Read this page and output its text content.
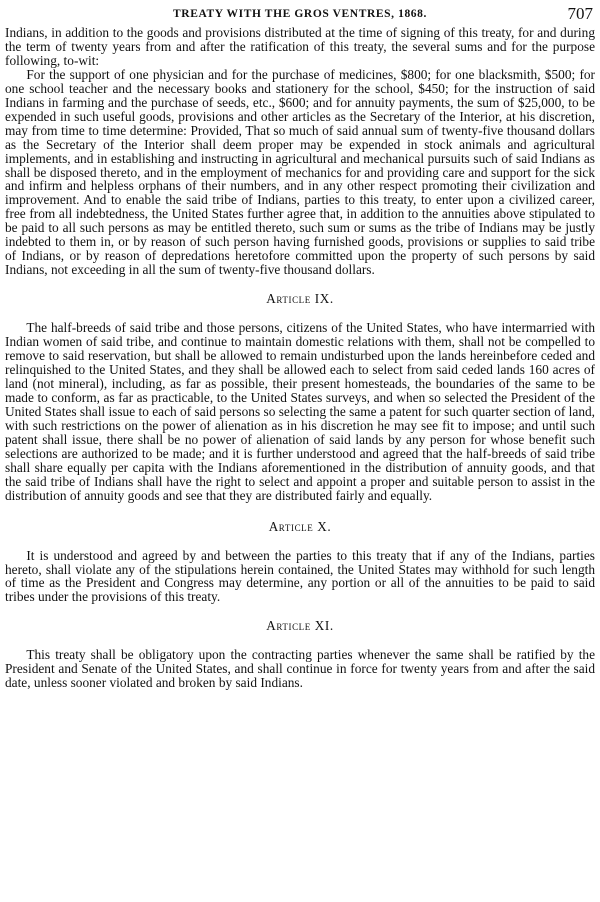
TREATY WITH THE GROS VENTRES, 1868.	707

Indians, in addition to the goods and provisions distributed at the time of signing of this treaty, for and during the term of twenty years from and after the ratification of this treaty, the several sums and for the purpose following, to-wit:

For the support of one physician and for the purchase of medicines, $800; for one blacksmith, $500; for one school teacher and the necessary books and stationery for the school, $450; for the instruction of said Indians in farming and the purchase of seeds, etc., $600; and for annuity payments, the sum of $25,000, to be expended in such useful goods, provisions and other articles as the Secretary of the Interior, at his discretion, may from time to time determine: Provided, That so much of said annual sum of twenty-five thousand dollars as the Secretary of the Interior shall deem proper may be expended in stock animals and agricultural implements, and in establishing and instructing in agricultural and mechanical pursuits such of said Indians as shall be disposed thereto, and in the employment of mechanics for and providing care and support for the sick and infirm and helpless orphans of their numbers, and in any other respect promoting their civilization and improvement. And to enable the said tribe of Indians, parties to this treaty, to enter upon a civilized career, free from all indebtedness, the United States further agree that, in addition to the annuities above stipulated to be paid to all such persons as may be entitled thereto, such sum or sums as the tribe of Indians may be justly indebted to them in, or by reason of such person having furnished goods, provisions or supplies to said tribe of Indians, or by reason of depredations heretofore committed upon the property of such persons by said Indians, not exceeding in all the sum of twenty-five thousand dollars.

Article IX.

The half-breeds of said tribe and those persons, citizens of the United States, who have intermarried with Indian women of said tribe, and continue to maintain domestic relations with them, shall not be compelled to remove to said reservation, but shall be allowed to remain undisturbed upon the lands hereinbefore ceded and relinquished to the United States, and they shall be allowed each to select from said ceded lands 160 acres of land (not mineral), including, as far as possible, their present homesteads, the boundaries of the same to be made to conform, as far as practicable, to the United States surveys, and when so selected the President of the United States shall issue to each of said persons so selecting the same a patent for such quarter section of land, with such restrictions on the power of alienation as in his discretion he may see fit to impose; and until such patent shall issue, there shall be no power of alienation of said lands by any person for whose benefit such selections are authorized to be made; and it is further understood and agreed that the half-breeds of said tribe shall share equally per capita with the Indians aforementioned in the distribution of annuity goods, and that the said tribe of Indians shall have the right to select and appoint a proper and suitable person to assist in the distribution of annuity goods and see that they are distributed fairly and equally.

Article X.

It is understood and agreed by and between the parties to this treaty that if any of the Indians, parties hereto, shall violate any of the stipulations herein contained, the United States may withhold for such length of time as the President and Congress may determine, any portion or all of the annuities to be paid to said tribes under the provisions of this treaty.

Article XI.

This treaty shall be obligatory upon the contracting parties whenever the same shall be ratified by the President and Senate of the United States, and shall continue in force for twenty years from and after the said date, unless sooner violated and broken by said Indians.
